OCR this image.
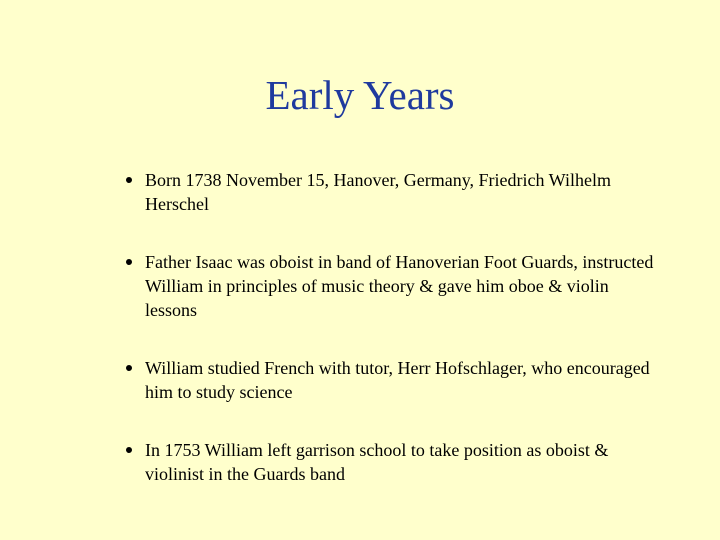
Early Years
Born 1738 November 15, Hanover, Germany, Friedrich Wilhelm Herschel
Father Isaac was oboist in band of Hanoverian Foot Guards, instructed William in principles of music theory & gave him oboe & violin lessons
William studied French with tutor, Herr Hofschlager, who encouraged him to study science
In 1753 William left garrison school to take position as oboist & violinist in the Guards band
